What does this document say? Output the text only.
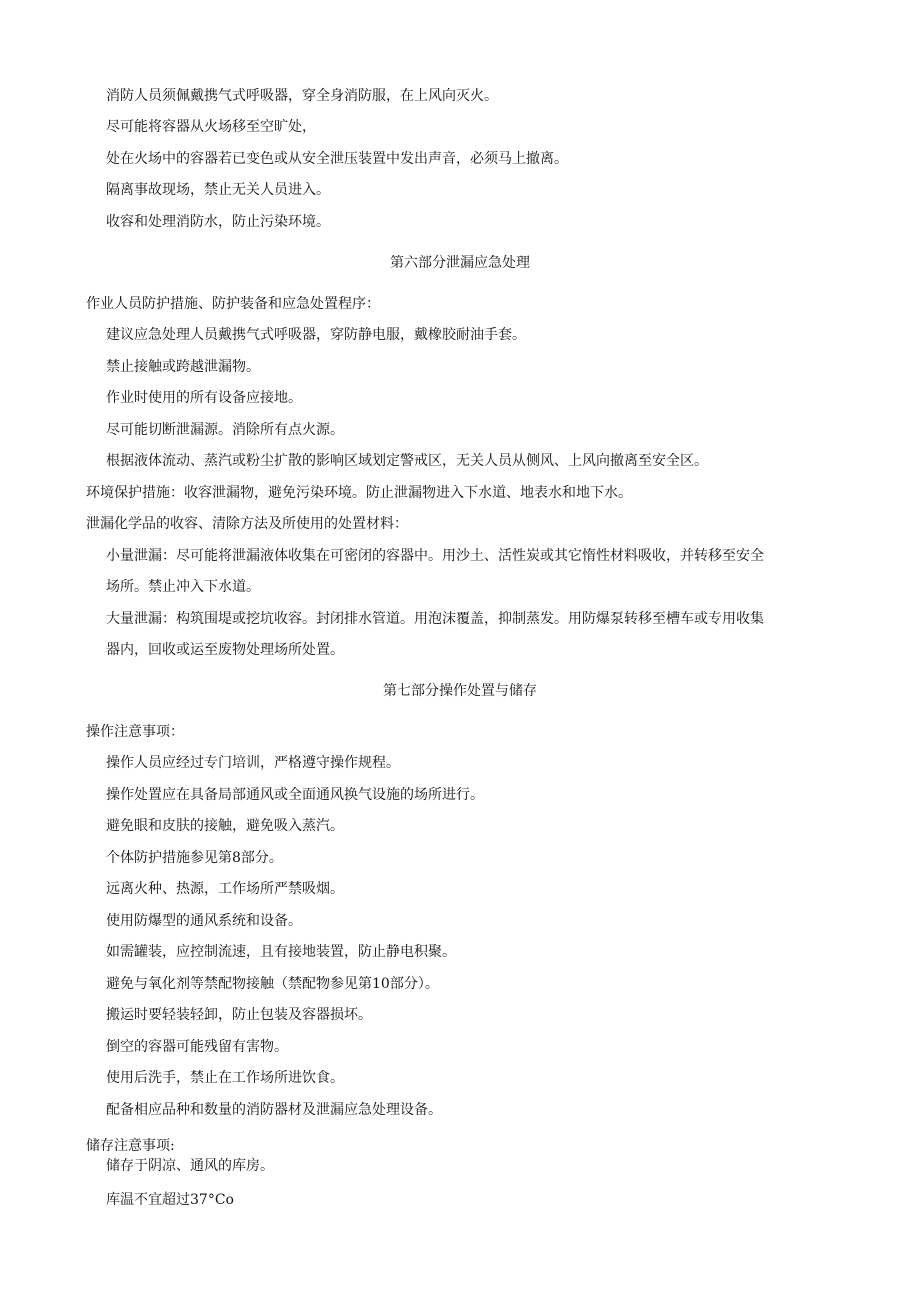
消防人员须佩戴携气式呼吸器，穿全身消防服，在上风向灭火。
尽可能将容器从火场移至空旷处，
处在火场中的容器若已变色或从安全泄压装置中发出声音，必须马上撤离。
隔离事故现场，禁止无关人员进入。
收容和处理消防水，防止污染环境。
第六部分泄漏应急处理
作业人员防护措施、防护装备和应急处置程序：
建议应急处理人员戴携气式呼吸器，穿防静电服，戴橡胶耐油手套。
禁止接触或跨越泄漏物。
作业时使用的所有设备应接地。
尽可能切断泄漏源。消除所有点火源。
根据液体流动、蒸汽或粉尘扩散的影响区域划定警戒区，无关人员从侧风、上风向撤离至安全区。
环境保护措施：收容泄漏物，避免污染环境。防止泄漏物进入下水道、地表水和地下水。
泄漏化学品的收容、清除方法及所使用的处置材料：
小量泄漏：尽可能将泄漏液体收集在可密闭的容器中。用沙土、活性炭或其它惰性材料吸收，并转移至安全
场所。禁止冲入下水道。
大量泄漏：构筑围堤或挖坑收容。封闭排水管道。用泡沫覆盖，抑制蒸发。用防爆泵转移至槽车或专用收集
器内，回收或运至废物处理场所处置。
第七部分操作处置与储存
操作注意事项：
操作人员应经过专门培训，严格遵守操作规程。
操作处置应在具备局部通风或全面通风换气设施的场所进行。
避免眼和皮肤的接触，避免吸入蒸汽。
个体防护措施参见第8部分。
远离火种、热源，工作场所严禁吸烟。
使用防爆型的通风系统和设备。
如需罐装，应控制流速，且有接地装置，防止静电积聚。
避免与氧化剂等禁配物接触（禁配物参见第10部分）。
搬运时要轻装轻卸，防止包装及容器损坏。
倒空的容器可能残留有害物。
使用后洗手，禁止在工作场所进饮食。
配备相应品种和数量的消防器材及泄漏应急处理设备。
储存注意事项:
储存于阴凉、通风的库房。
库温不宜超过37°Co
